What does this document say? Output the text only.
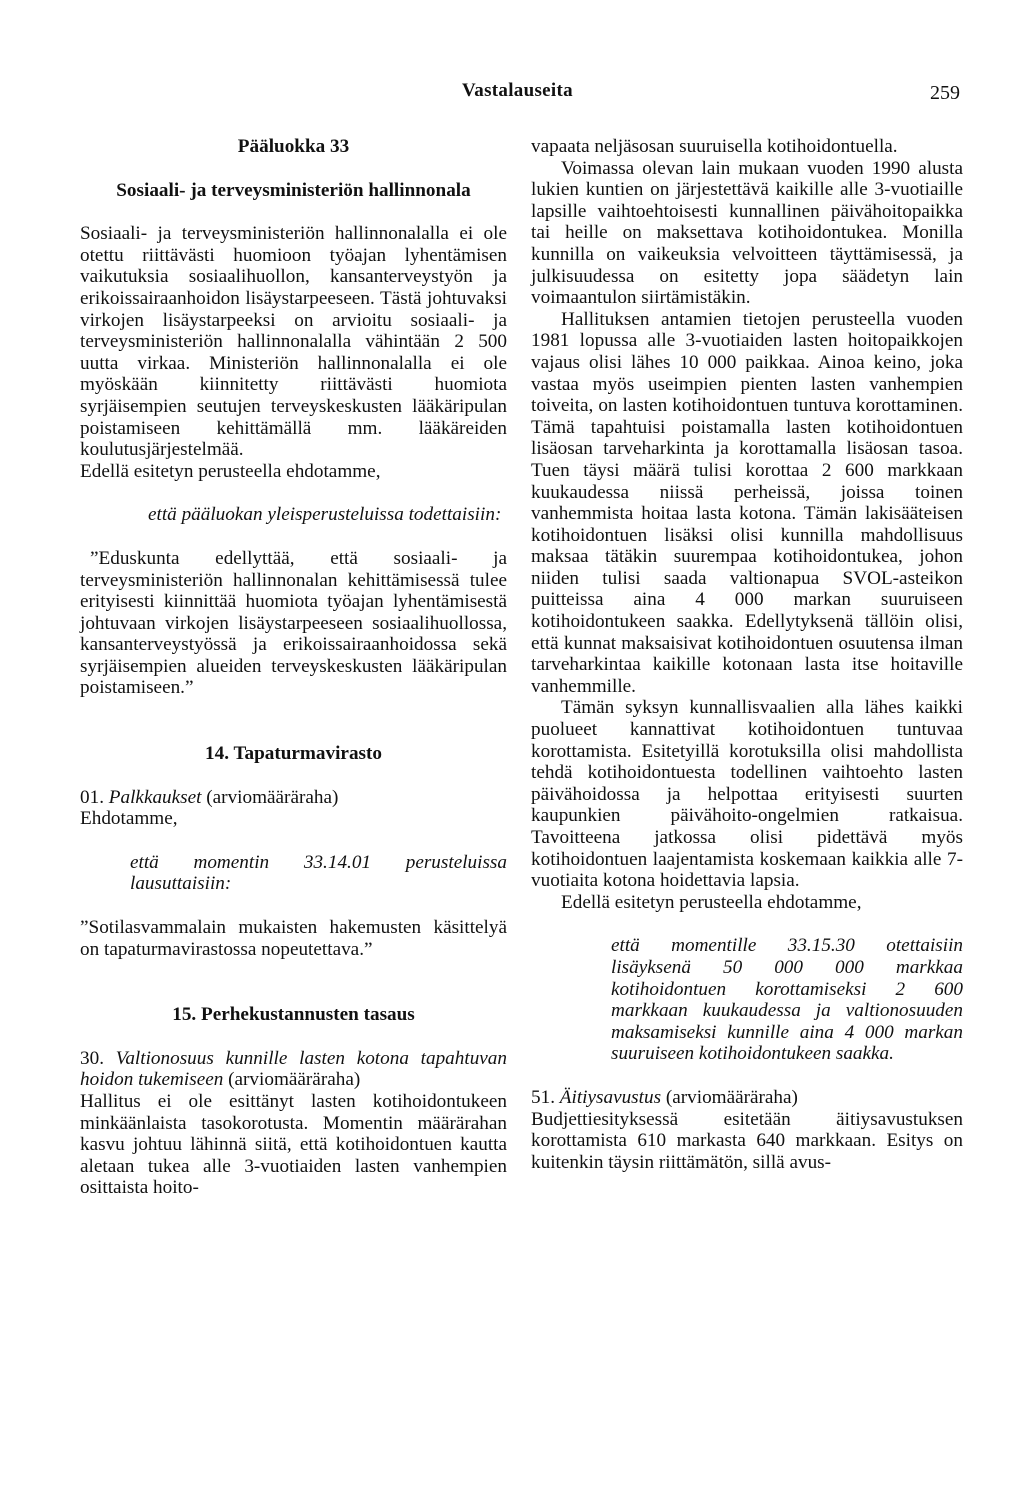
Vastalauseita	259

Pääluokka 33

Sosiaali- ja terveysministeriön hallinnonala

Sosiaali- ja terveysministeriön hallinnonalalla ei ole otettu riittävästi huomioon työajan lyhentämisen vaikutuksia sosiaalihuollon, kansanterveystyön ja erikoissairaanhoidon lisäystarpeeseen. Tästä johtuvaksi virkojen lisäystarpeeksi on arvioitu sosiaali- ja terveysministeriön hallinnonalalla vähintään 2 500 uutta virkaa. Ministeriön hallinnonalalla ei ole myöskään kiinnitetty riittävästi huomiota syrjäisempien seutujen terveyskeskusten lääkäripulan poistamiseen kehittämällä mm. lääkäreiden koulutusjärjestelmää.

Edellä esitetyn perusteella ehdotamme,

että pääluokan yleisperusteluissa todettaisiin:

”Eduskunta edellyttää, että sosiaali- ja terveysministeriön hallinnonalan kehittämisessä tulee erityisesti kiinnittää huomiota työajan lyhentämisestä johtuvaan virkojen lisäystarpeeseen sosiaalihuollossa, kansanterveystyössä ja erikoissairaanhoidossa sekä syrjäisempien alueiden terveyskeskusten lääkäripulan poistamiseen.”

14. Tapaturmavirasto

01. Palkkaukset (arviomääräraha)

Ehdotamme,

että momentin 33.14.01 perusteluissa lausuttaisiin:

”Sotilasvammalain mukaisten hakemusten käsittelyä on tapaturmavirastossa nopeutettava.”

15. Perhekustannusten tasaus

30. Valtionosuus kunnille lasten kotona tapahtuvan hoidon tukemiseen (arviomääräraha)

Hallitus ei ole esittänyt lasten kotihoidontukeen minkäänlaista tasokorotusta. Momentin määrärahan kasvu johtuu lähinnä siitä, että kotihoidontuen kautta aletaan tukea alle 3-vuotiaiden lasten vanhempien osittaista hoito-

vapaata neljäsosan suuruisella kotihoidontuella.

Voimassa olevan lain mukaan vuoden 1990 alusta lukien kuntien on järjestettävä kaikille alle 3-vuotiaille lapsille vaihtoehtoisesti kunnallinen päivähoitopaikka tai heille on maksettava kotihoidontukea. Monilla kunnilla on vaikeuksia velvoitteen täyttämisessä, ja julkisuudessa on esitetty jopa säädetyn lain voimaantulon siirtämistäkin.

Hallituksen antamien tietojen perusteella vuoden 1981 lopussa alle 3-vuotiaiden lasten hoitopaikkojen vajaus olisi lähes 10 000 paikkaa. Ainoa keino, joka vastaa myös useimpien pienten lasten vanhempien toiveita, on lasten kotihoidontuen tuntuva korottaminen. Tämä tapahtuisi poistamalla lasten kotihoidontuen lisäosan tarveharkinta ja korottamalla lisäosan tasoa. Tuen täysi määrä tulisi korottaa 2 600 markkaan kuukaudessa niissä perheissä, joissa toinen vanhemmista hoitaa lasta kotona. Tämän lakisääteisen kotihoidontuen lisäksi olisi kunnilla mahdollisuus maksaa tätäkin suurempaa kotihoidontukea, johon niiden tulisi saada valtionapua SVOL-asteikon puitteissa aina 4 000 markan suuruiseen kotihoidontukeen saakka. Edellytyksenä tällöin olisi, että kunnat maksaisivat kotihoidontuen osuutensa ilman tarveharkintaa kaikille kotonaan lasta itse hoitaville vanhemmille.

Tämän syksyn kunnallisvaalien alla lähes kaikki puolueet kannattivat kotihoidontuen tuntuvaa korottamista. Esitetyillä korotuksilla olisi mahdollista tehdä kotihoidontuesta todellinen vaihtoehto lasten päivähoidossa ja helpottaa erityisesti suurten kaupunkien päivähoito-ongelmien ratkaisua. Tavoitteena jatkossa olisi pidettävä myös kotihoidontuen laajentamista koskemaan kaikkia alle 7-vuotiaita kotona hoidettavia lapsia.

Edellä esitetyn perusteella ehdotamme,

että momentille 33.15.30 otettaisiin lisäyksenä 50 000 000 markkaa kotihoidontuen korottamiseksi 2 600 markkaan kuukaudessa ja valtionosuuden maksamiseksi kunnille aina 4 000 markan suuruiseen kotihoidontukeen saakka.

51. Äitiysavustus (arviomääräraha)

Budjettiesityksessä esitetään äitiysavustuksen korottamista 610 markasta 640 markkaan. Esitys on kuitenkin täysin riittämätön, sillä avus-
